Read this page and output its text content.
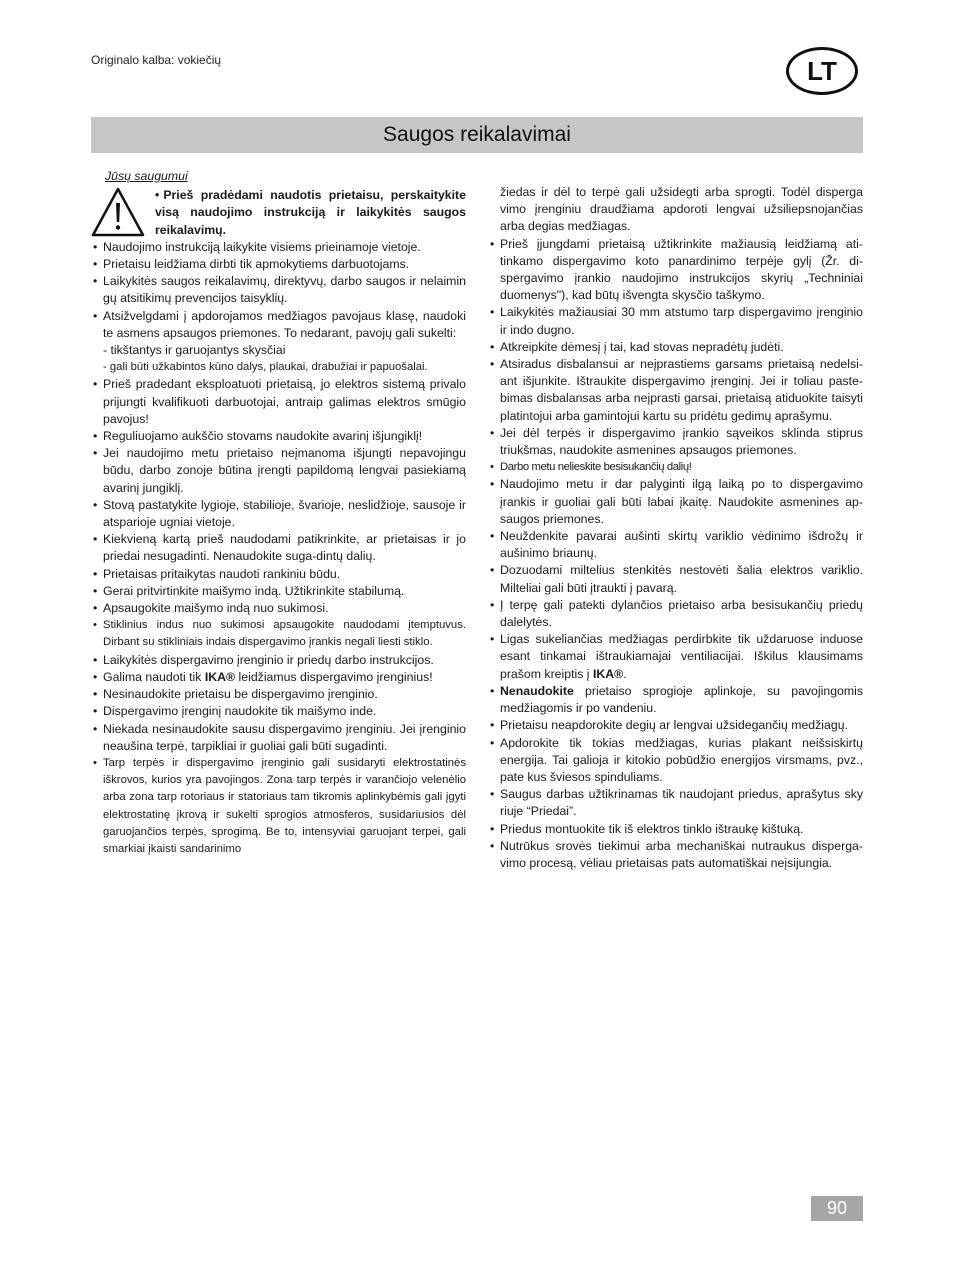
Originalo kalba: vokiečių	LT
Saugos reikalavimai
Jūsų saugumui
• Prieš pradėdami naudotis prietaisu, perskaitykite visą naudojimo instrukciją ir laikykitės saugos reikalavimų.
• Naudojimo instrukciją laikykite visiems prieinamoje vietoje.
• Prietaisu leidžiama dirbti tik apmokytiems darbuotojams.
• Laikykitės saugos reikalavimų, direktyvų, darbo saugos ir nelaimin gų atsitikimų prevencijos taisyklių.
• Atsižvelgdami į apdorojamos medžiagos pavojaus klasę, naudoki te asmens apsaugos priemones. To nedarant, pavojų gali sukelti:
- tikštantys ir garuojantys skysčiai
- gali būti užkabintos kūno dalys, plaukai, drabužiai ir papuošalai.
• Prieš pradedant eksploatuoti prietaisą, jo elektros sistemą privalo prijungti kvalifikuoti darbuotojai, antraip galimas elektros smūgio pavojus!
• Reguliuojamo aukščio stovams naudokite avarinį išjungiklį!
• Jei naudojimo metu prietaiso neįmanoma išjungti nepavojingu būdu, darbo zonoje būtina įrengti papildomą lengvai pasiekiamą avarinį jungiklį.
• Stovą pastatykite lygioje, stabilioje, švarioje, neslidžioje, sausoje ir atsparioje ugniai vietoje.
• Kiekvieną kartą prieš naudodami patikrinkite, ar prietaisas ir jo priedai nesugadinti. Nenaudokite suga-dintų dalių.
• Prietaisas pritaikytas naudoti rankiniu būdu.
• Gerai pritvirtinkite maišymo indą. Užtikrinkite stabilumą.
• Apsaugokite maišymo indą nuo sukimosi.
• Stiklinius indus nuo sukimosi apsaugokite naudodami įtemptuvus. Dirbant su stikliniais indais dispergavimo įrankis negali liesti stiklo.
• Laikykitės dispergavimo įrenginio ir priedų darbo instrukcijos.
• Galima naudoti tik IKA® leidžiamus dispergavimo įrenginius!
• Nesinaudokite prietaisu be dispergavimo įrenginio.
• Dispergavimo įrenginį naudokite tik maišymo inde.
• Niekada nesinaudokite sausu dispergavimo įrenginiu. Jei įrenginio neaušina terpė, tarpikliai ir guoliai gali būti sugadinti.
• Tarp terpės ir dispergavimo įrenginio gali susidaryti elektrostatinės iškrovos, kurios yra pavojingos. Zona tarp terpės ir varančiojo velenėlio arba zona tarp rotoriaus ir statoriaus tam tikromis aplinkybėmis gali įgyti elektrostatinę įkrovą ir sukelti sprogios atmosferos, susidariusios dėl garuojančios terpės, sprogimą. Be to, intensyviai garuojant terpei, gali smarkiai įkaisti sandarinimo
žiedas ir dėl to terpė gali užsidegti arba sprogti. Todėl disperga vimo įrenginiu draudžiama apdoroti lengvai užsiliepsnojančias arba degias medžiagas.
• Prieš įjungdami prietaisą užtikrinkite mažiausią leidžiamą atitinkamo dispergavimo koto panardinimo terpėje gylį (Žr. dispergavimo įrankio naudojimo instrukcijos skyrių „Techniniai duomenys"), kad būtų išvengta skysčio taškymo.
• Laikykitės mažiausiai 30 mm atstumo tarp dispergavimo įrenginio ir indo dugno.
• Atkreipkite dėmesį į tai, kad stovas nepradėtų judėti.
• Atsiradus disbalansui ar neįprastiems garsams prietaisą nedelsiant išjunkite. Ištraukite dispergavimo įrenginį. Jei ir toliau pastebimas disbalansas arba neįprasti garsai, prietaisą atiduokite taisyti platintojui arba gamintojui kartu su pridėtu gedimų aprašymu.
• Jei dėl terpės ir dispergavimo įrankio sąveikos sklinda stiprus triukšmas, naudokite asmenines apsaugos priemones.
• Darbo metu nelieskite besisukančių dalių!
• Naudojimo metu ir dar palyginti ilgą laiką po to dispergavimo įrankis ir guoliai gali būti labai įkaitę. Naudokite asmenines apsaugos priemones.
• Neuždenkite pavarai aušinti skirtų variklio vėdinimo išdrožų ir aušinimo briaunų.
• Dozuodami miltelius stenkitės nestovėti šalia elektros variklio. Milteliai gali būti įtraukti į pavarą.
• Į terpę gali patekti dylančios prietaiso arba besisukančių priedų dalelytės.
• Ligas sukeliančias medžiagas perdirbkite tik uždaruose induose esant tinkamai ištraukiamajai ventiliacijai. Iškilus klausimams prašom kreiptis į IKA®.
• Nenaudokite prietaiso sprogioje aplinkoje, su pavojingomis medžiagomis ir po vandeniu.
• Prietaisu neapdorokite degių ar lengvai užsidegančių medžiagų.
• Apdorokite tik tokias medžiagas, kurias plakant neišsiskirtų energija. Tai galioja ir kitokio pobūdžio energijos virsmams, pvz., pate kus šviesos spinduliams.
• Saugus darbas užtikrinamas tik naudojant priedus, aprašytus sky riuje “Priedai”.
• Priedus montuokite tik iš elektros tinklo ištraukę kištuką.
• Nutrūkus srovės tiekimui arba mechaniškai nutraukus dispergavimo procesą, vėliau prietaisas pats automatiškai neįsijungia.
90
